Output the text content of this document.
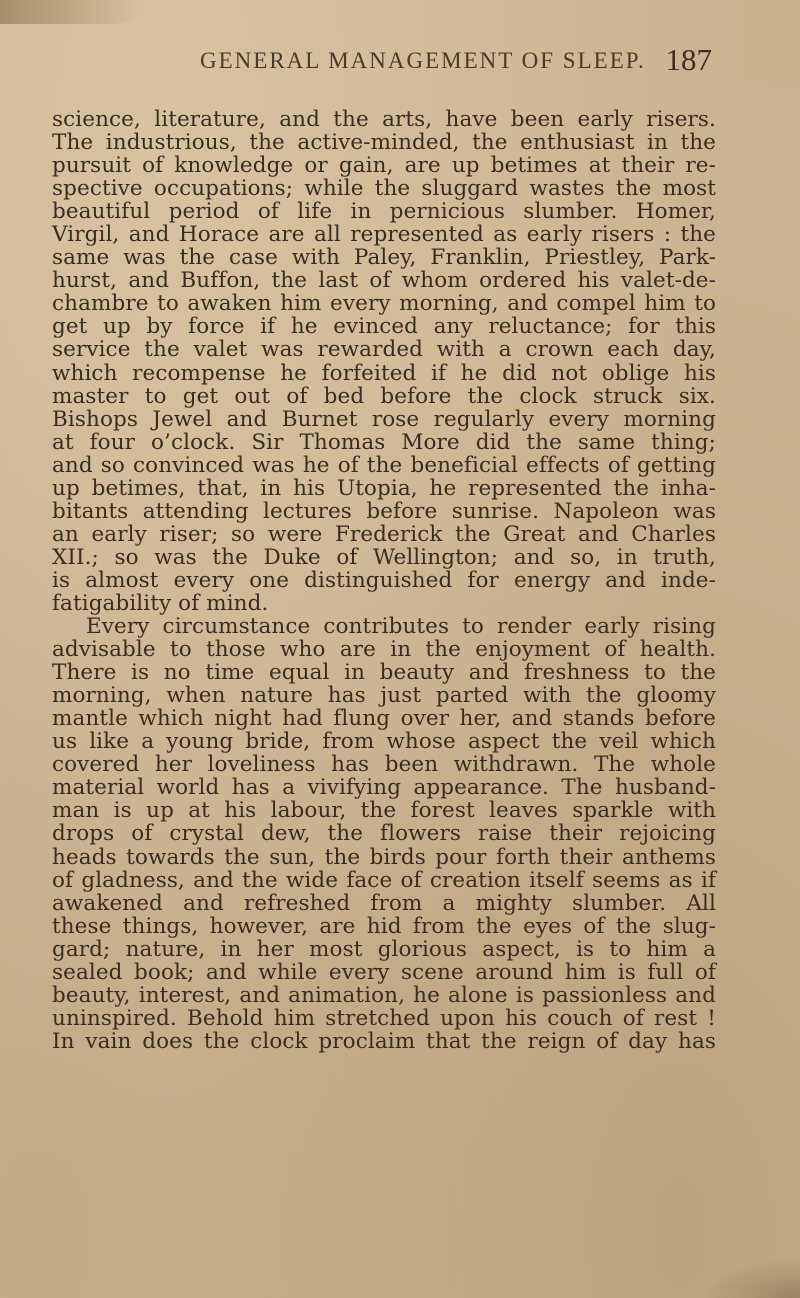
GENERAL MANAGEMENT OF SLEEP. 187
science, literature, and the arts, have been early risers.
The industrious, the active-minded, the enthusiast in the
pursuit of knowledge or gain, are up betimes at their re-
spective occupations; while the sluggard wastes the most
beautiful period of life in pernicious slumber. Homer,
Virgil, and Horace are all represented as early risers : the
same was the case with Paley, Franklin, Priestley, Park-
hurst, and Buffon, the last of whom ordered his valet-de-
chambre to awaken him every morning, and compel him to
get up by force if he evinced any reluctance; for this
service the valet was rewarded with a crown each day,
which recompense he forfeited if he did not oblige his
master to get out of bed before the clock struck six.
Bishops Jewel and Burnet rose regularly every morning
at four o’clock. Sir Thomas More did the same thing;
and so convinced was he of the beneficial effects of getting
up betimes, that, in his Utopia, he represented the inha-
bitants attending lectures before sunrise. Napoleon was
an early riser; so were Frederick the Great and Charles
XII.; so was the Duke of Wellington; and so, in truth,
is almost every one distinguished for energy and inde-
fatigability of mind.
Every circumstance contributes to render early rising
advisable to those who are in the enjoyment of health.
There is no time equal in beauty and freshness to the
morning, when nature has just parted with the gloomy
mantle which night had flung over her, and stands before
us like a young bride, from whose aspect the veil which
covered her loveliness has been withdrawn. The whole
material world has a vivifying appearance. The husband-
man is up at his labour, the forest leaves sparkle with
drops of crystal dew, the flowers raise their rejoicing
heads towards the sun, the birds pour forth their anthems
of gladness, and the wide face of creation itself seems as if
awakened and refreshed from a mighty slumber. All
these things, however, are hid from the eyes of the slug-
gard; nature, in her most glorious aspect, is to him a
sealed book; and while every scene around him is full of
beauty, interest, and animation, he alone is passionless and
uninspired. Behold him stretched upon his couch of rest !
In vain does the clock proclaim that the reign of day has
